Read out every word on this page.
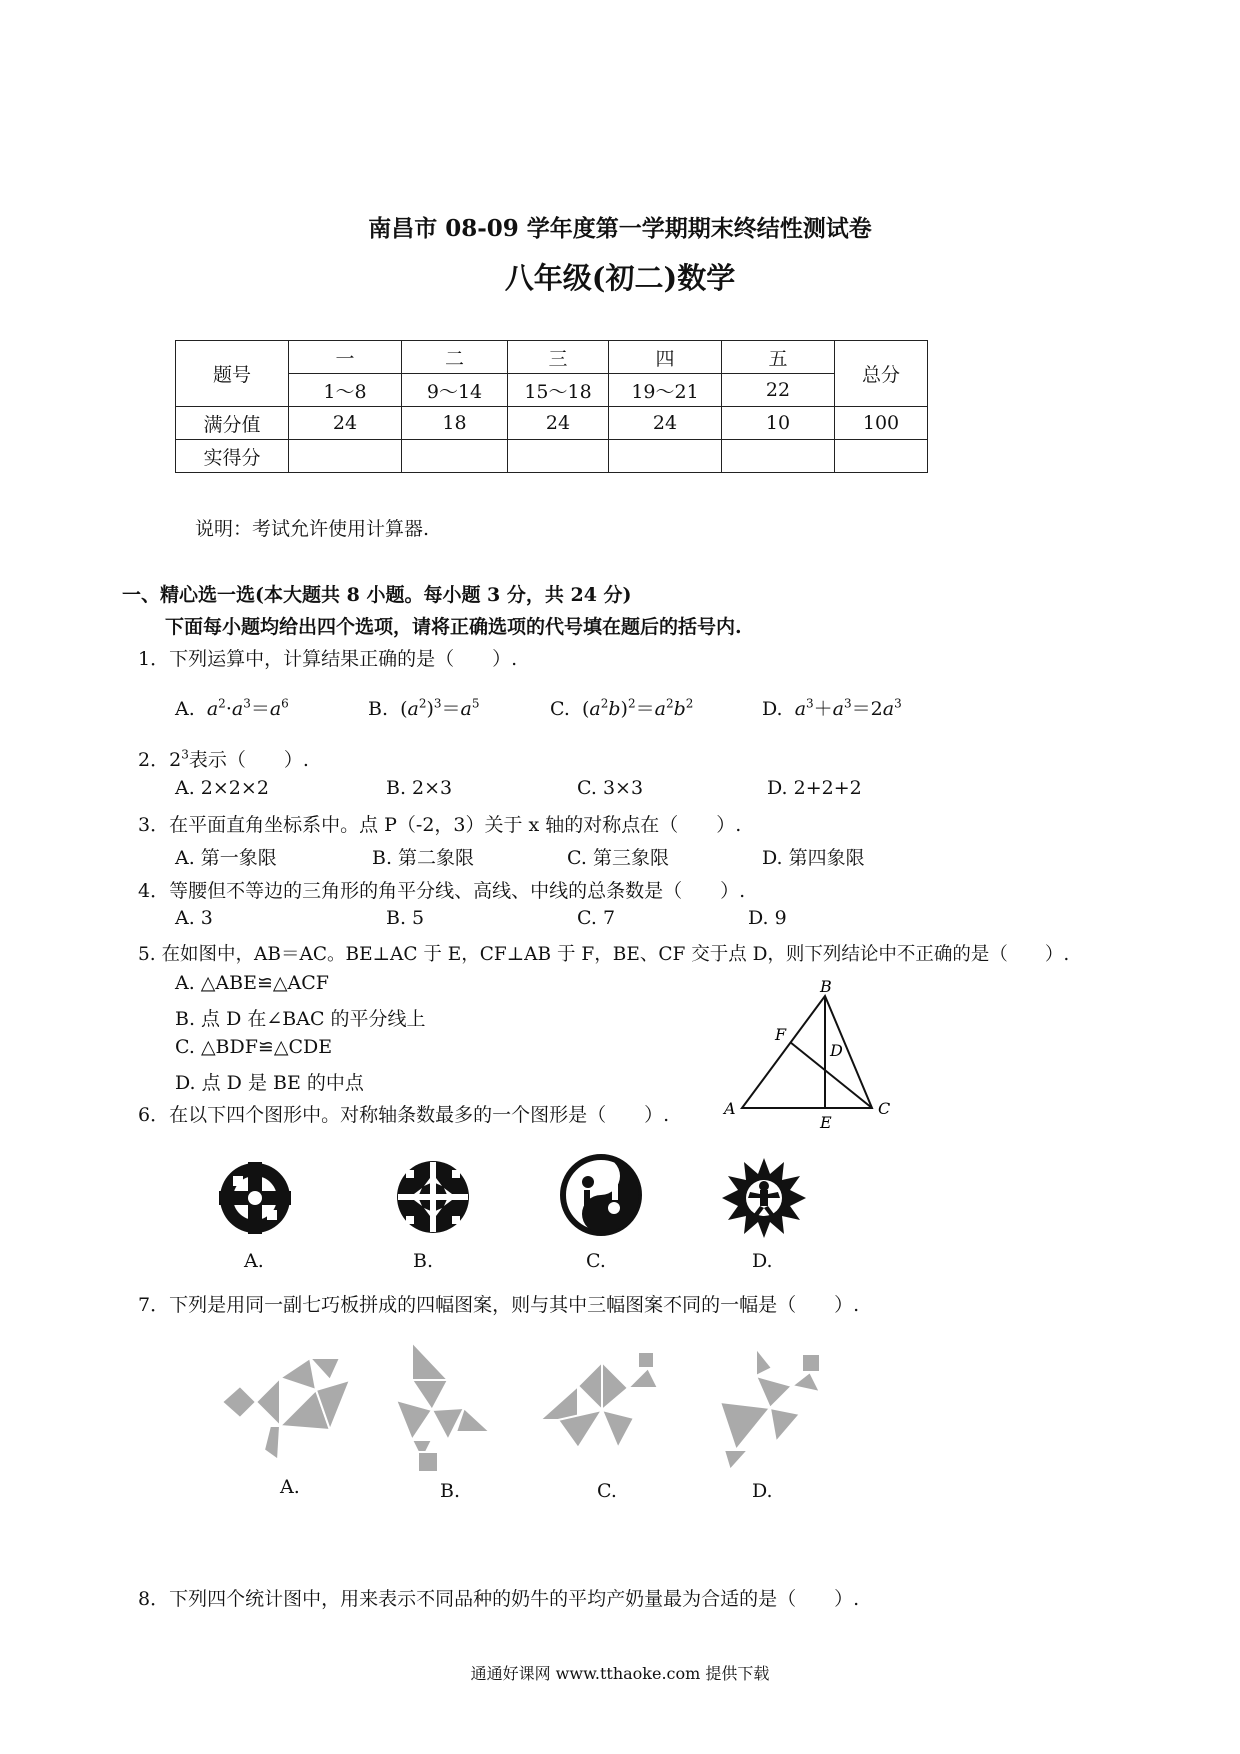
南昌市 08-09 学年度第一学期期末终结性测试卷
八年级(初二)数学
题号	一	二	三	四	五	总分
	1～8	9～14	15～18	19～21	22	
满分值	24	18	24	24	10	100
实得分						
说明：考试允许使用计算器.
一、精心选一选(本大题共 8 小题。每小题 3 分，共 24 分)
下面每小题均给出四个选项，请将正确选项的代号填在题后的括号内.
1．下列运算中，计算结果正确的是（　　）.
A.  $a^2\cdot a^3=a^6$	B.  $(a^2)^3=a^5$	C.  $(a^2b)^2=a^2b^2$	D.  $a^3+a^3=2a^3$
2．$2^3$表示（　　）.
A. 2×2×2	B. 2×3	C. 3×3	D. 2+2+2
3．在平面直角坐标系中。点 P（-2，3）关于 x 轴的对称点在（　　）.
A. 第一象限	B. 第二象限	C. 第三象限	D. 第四象限
4．等腰但不等边的三角形的角平分线、高线、中线的总条数是（　　）.
A. 3	B. 5	C. 7	D. 9
5. 在如图中，AB＝AC。BE⊥AC 于 E，CF⊥AB 于 F，BE、CF 交于点 D，则下列结论中不正确的是（　　）.
A. △ABE≌△ACF
B. 点 D 在∠BAC 的平分线上
C. △BDF≌△CDE
D. 点 D 是 BE 的中点
A
B
C
D
E
F
6．在以下四个图形中。对称轴条数最多的一个图形是（　　）.
A.	B.	C.	D.
7．下列是用同一副七巧板拼成的四幅图案，则与其中三幅图案不同的一幅是（　　）.
A.	B.	C.	D.
8．下列四个统计图中，用来表示不同品种的奶牛的平均产奶量最为合适的是（　　）.
通通好课网 www.tthaoke.com 提供下载
